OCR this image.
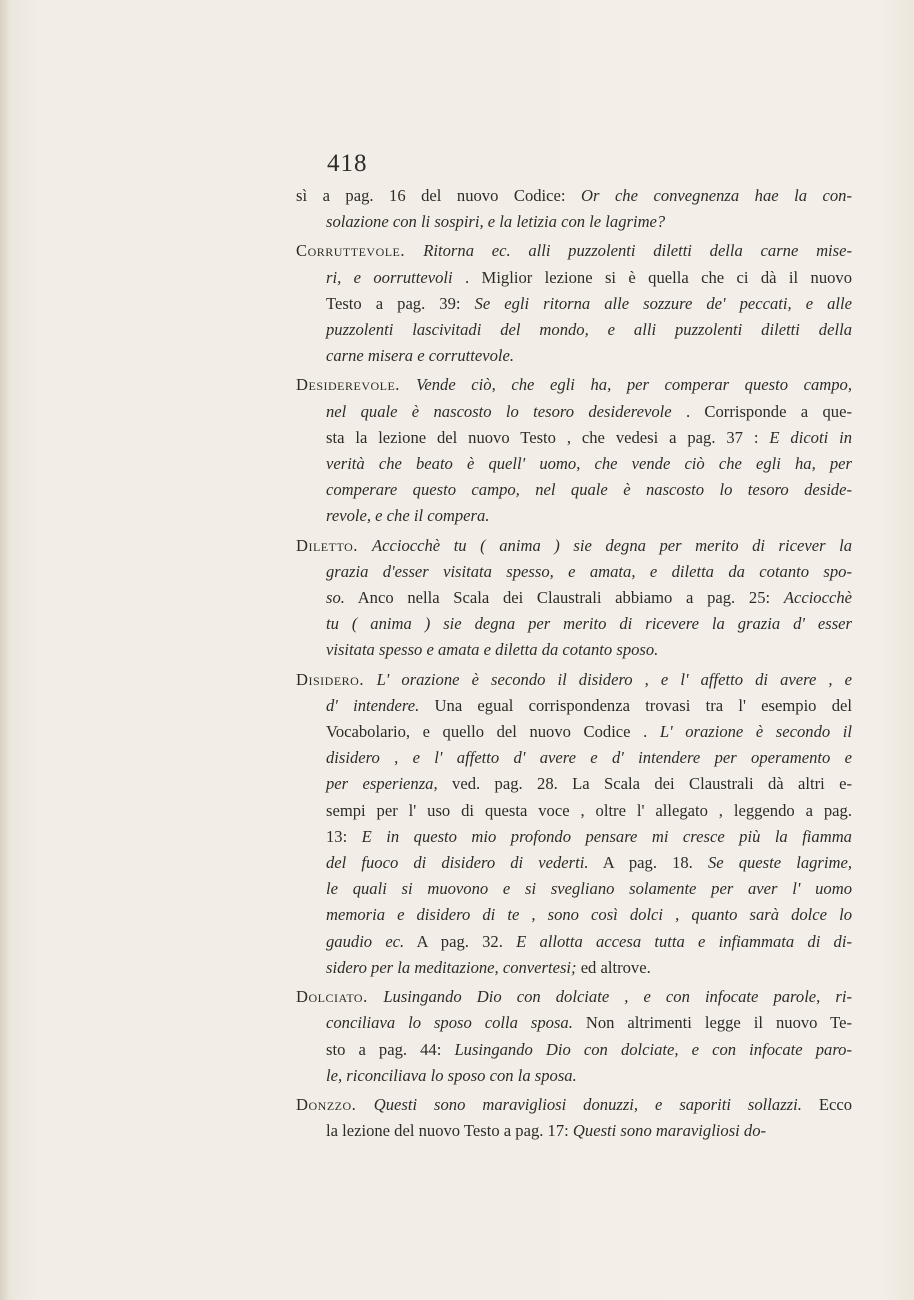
418
sì a pag. 16 del nuovo Codice: Or che convegnenza hae la con-
solazione con li sospiri, e la letizia con le lagrime?
Corruttevole. Ritorna ec. alli puzzolenti diletti della carne mise-
ri, e oorruttevoli . Miglior lezione si è quella che ci dà il nuovo
Testo a pag. 39: Se egli ritorna alle sozzure de' peccati, e alle
puzzolenti lascivitadi del mondo, e alli puzzolenti diletti della
carne misera e corruttevole.
Desiderevole. Vende ciò, che egli ha, per comperar questo campo,
nel quale è nascosto lo tesoro desiderevole . Corrisponde a que-
sta la lezione del nuovo Testo , che vedesi a pag. 37 : E dicoti in
verità che beato è quell' uomo, che vende ciò che egli ha, per
comperare questo campo, nel quale è nascosto lo tesoro deside-
revole, e che il compera.
Diletto. Acciocchè tu ( anima ) sie degna per merito di ricever la
grazia d'esser visitata spesso, e amata, e diletta da cotanto spo-
so. Anco nella Scala dei Claustrali abbiamo a pag. 25: Acciocchè
tu ( anima ) sie degna per merito di ricevere la grazia d' esser
visitata spesso e amata e diletta da cotanto sposo.
Disidero. L' orazione è secondo il disidero , e l' affetto di avere , e
d' intendere. Una egual corrispondenza trovasi tra l' esempio del
Vocabolario, e quello del nuovo Codice . L' orazione è secondo il
disidero , e l' affetto d' avere e d' intendere per operamento e
per esperienza, ved. pag. 28. La Scala dei Claustrali dà altri e-
sempi per l' uso di questa voce , oltre l' allegato , leggendo a pag.
13: E in questo mio profondo pensare mi cresce più la fiamma
del fuoco di disidero di vederti. A pag. 18. Se queste lagrime,
le quali si muovono e si svegliano solamente per aver l' uomo
memoria e disidero di te , sono così dolci , quanto sarà dolce lo
gaudio ec. A pag. 32. E allotta accesa tutta e infiammata di di-
sidero per la meditazione, convertesi; ed altrove.
Dolciato. Lusingando Dio con dolciate , e con infocate parole, ri-
conciliava lo sposo colla sposa. Non altrimenti legge il nuovo Te-
sto a pag. 44: Lusingando Dio con dolciate, e con infocate paro-
le, riconciliava lo sposo con la sposa.
Donzzo. Questi sono maravigliosi donuzzi, e saporiti sollazzi. Ecco
la lezione del nuovo Testo a pag. 17: Questi sono maravigliosi do-
